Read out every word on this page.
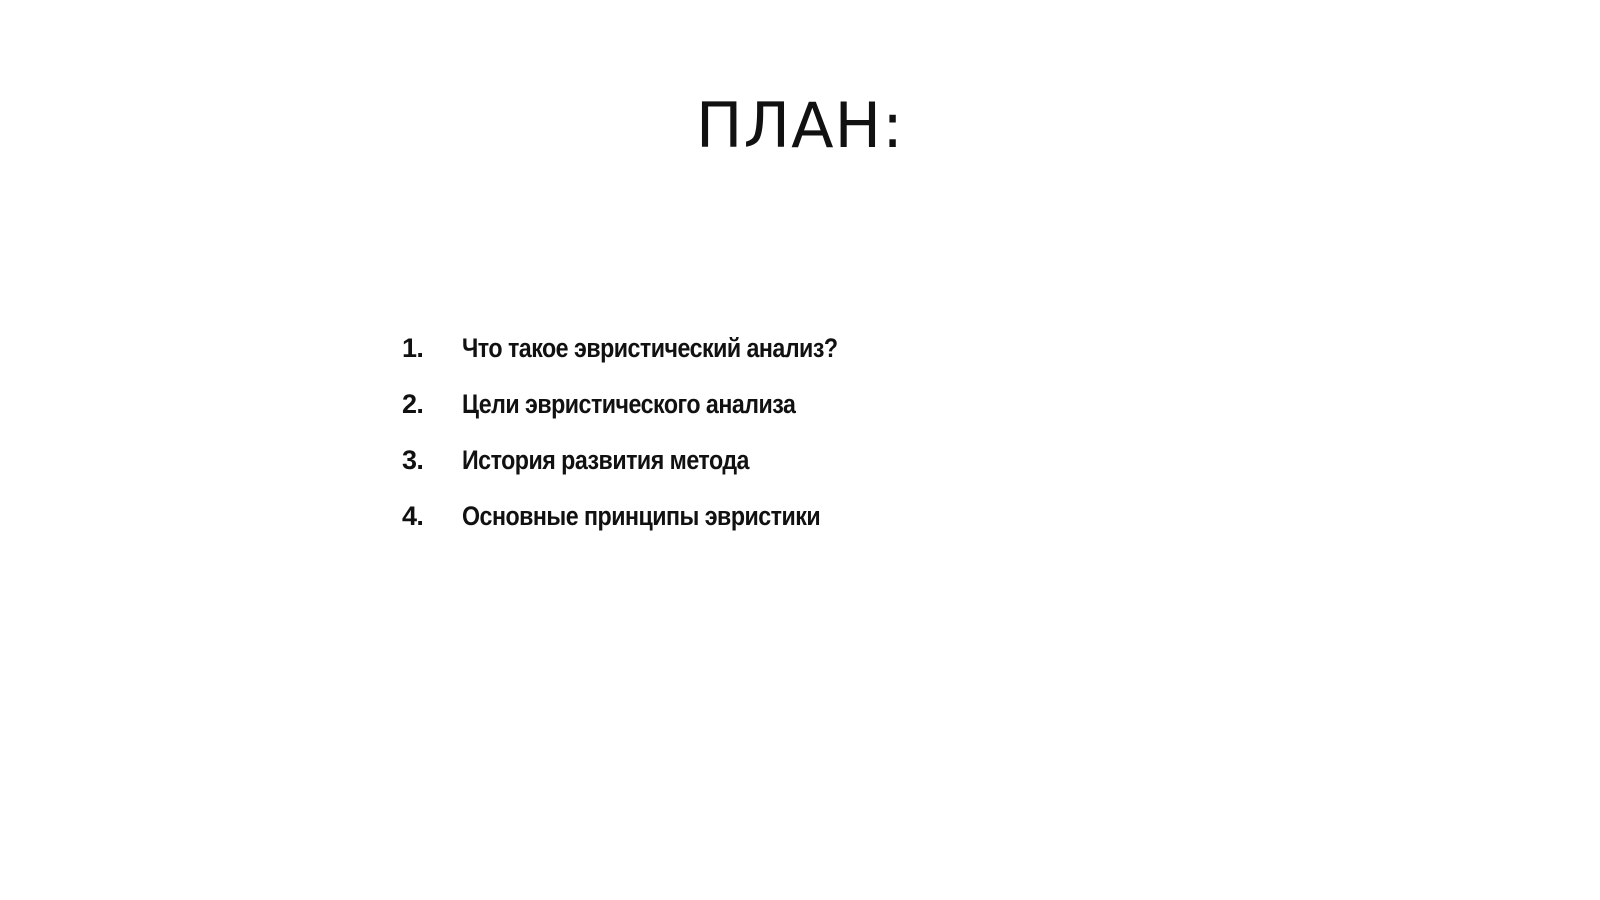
ПЛАН:
1.	Что такое эвристический анализ?
2.	Цели эвристического анализа
3.	История развития метода
4.	Основные принципы эвристики
